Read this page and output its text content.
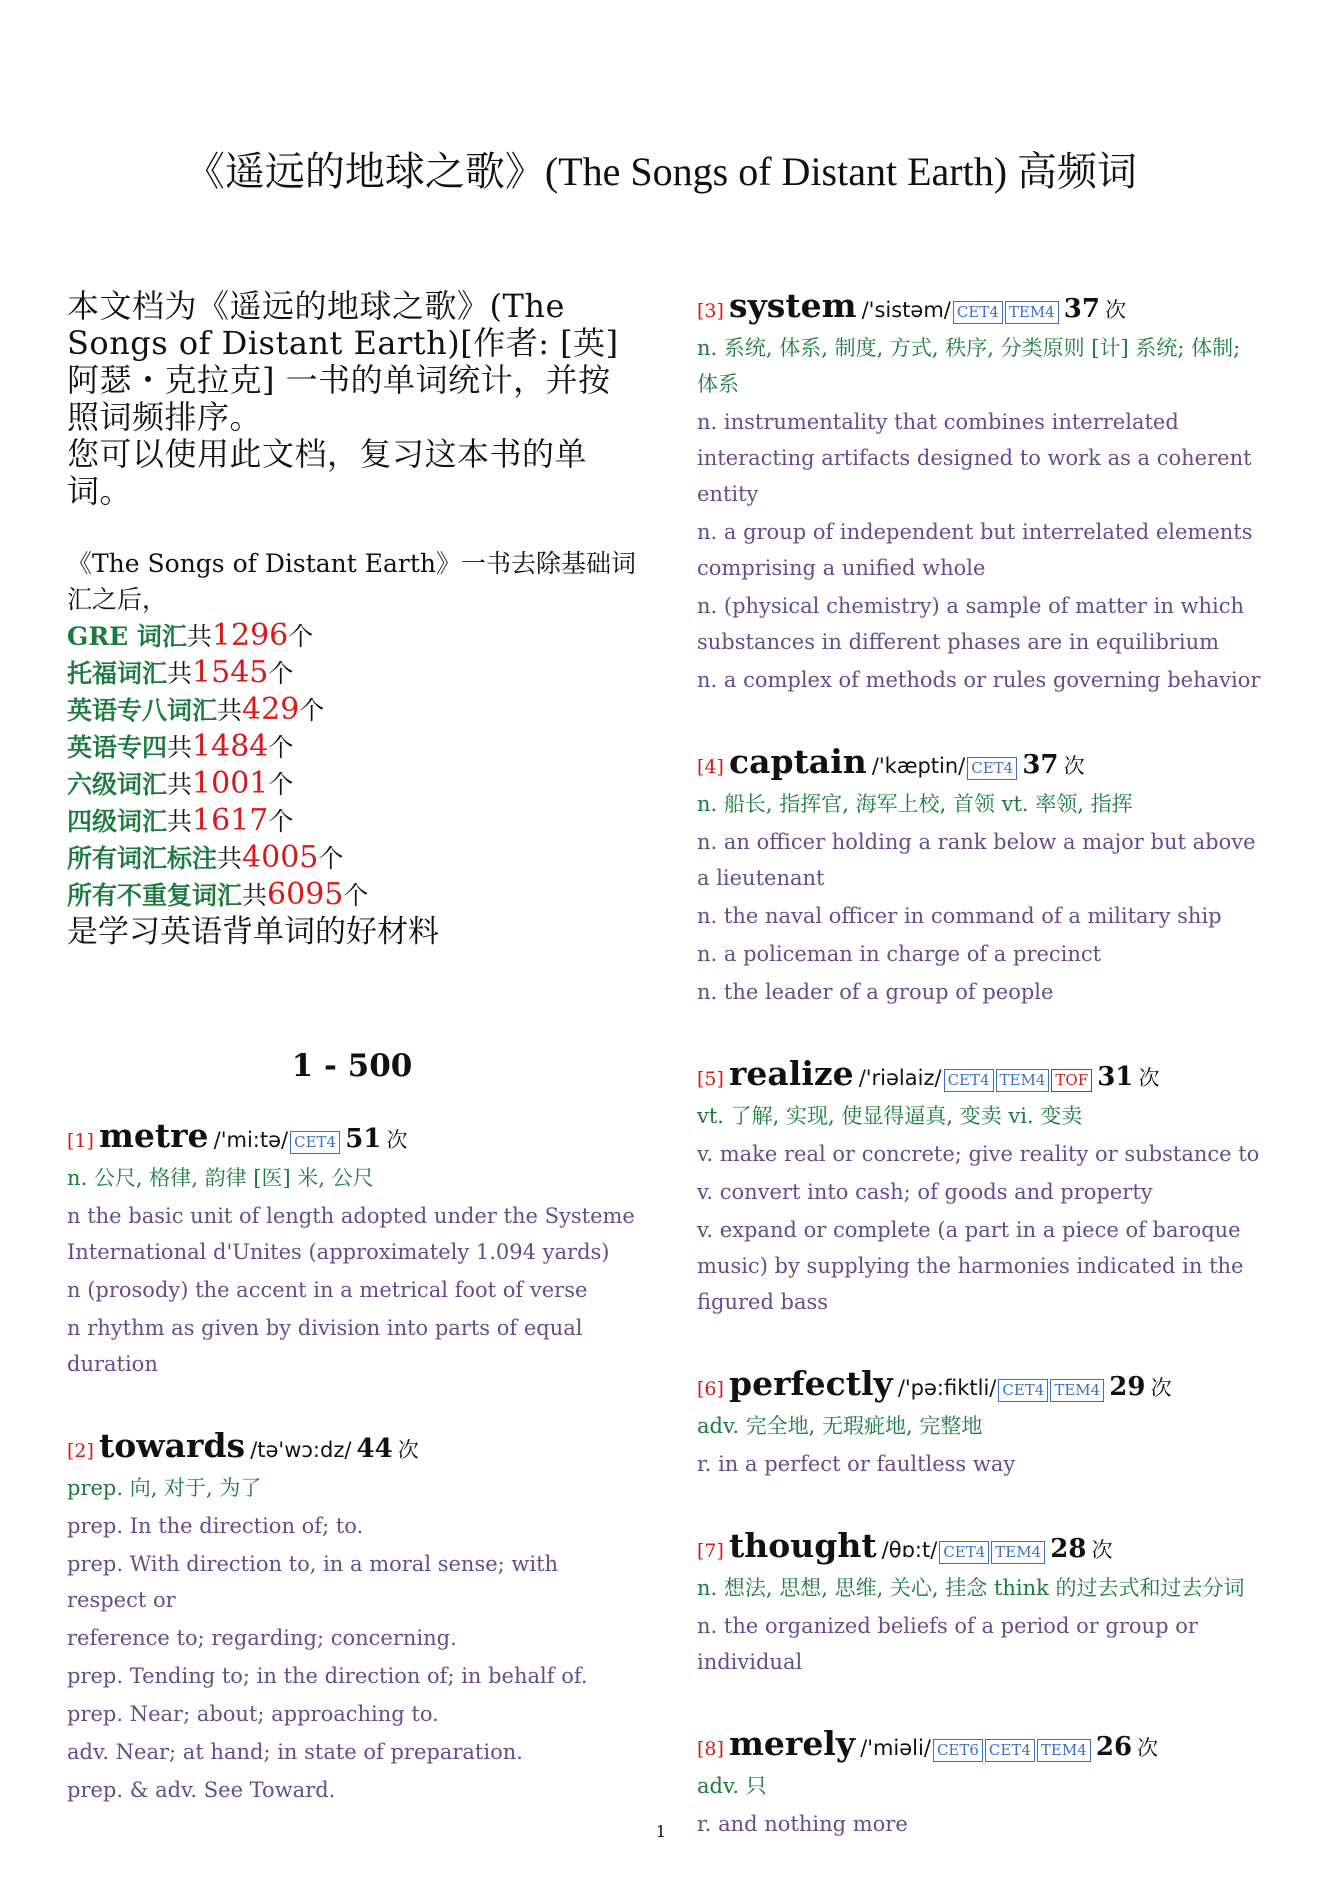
《遥远的地球之歌》(The Songs of Distant Earth) 高频词

本文档为《遥远的地球之歌》(The Songs of Distant Earth)[作者: [英] 阿瑟・克拉克] 一书的单词统计，并按照词频排序。

您可以使用此文档，复习这本书的单词。

《The Songs of Distant Earth》一书去除基础词汇之后，
GRE 词汇共1296个
托福词汇共1545个
英语专八词汇共429个
英语专四共1484个
六级词汇共1001个
四级词汇共1617个
所有词汇标注共4005个
所有不重复词汇共6095个
是学习英语背单词的好材料
1 - 500
[1] metre /'mi:tə/ CET4 51 次
n. 公尺, 格律, 韵律 [医] 米, 公尺
n the basic unit of length adopted under the Systeme International d'Unites (approximately 1.094 yards)
n (prosody) the accent in a metrical foot of verse
n rhythm as given by division into parts of equal duration
[2] towards /tə'wɔ:dz/ 44 次
prep. 向, 对于, 为了
prep. In the direction of; to.
prep. With direction to, in a moral sense; with respect or
reference to; regarding; concerning.
prep. Tending to; in the direction of; in behalf of.
prep. Near; about; approaching to.
adv. Near; at hand; in state of preparation.
prep. & adv. See Toward.
[3] system /'sistəm/ CET4 TEM4 37 次
n. 系统, 体系, 制度, 方式, 秩序, 分类原则 [计] 系统; 体制; 体系
n. instrumentality that combines interrelated interacting artifacts designed to work as a coherent entity
n. a group of independent but interrelated elements comprising a unified whole
n. (physical chemistry) a sample of matter in which substances in different phases are in equilibrium
n. a complex of methods or rules governing behavior
[4] captain /'kæptin/ CET4 37 次
n. 船长, 指挥官, 海军上校, 首领 vt. 率领, 指挥
n. an officer holding a rank below a major but above a lieutenant
n. the naval officer in command of a military ship
n. a policeman in charge of a precinct
n. the leader of a group of people
[5] realize /'riəlaiz/ CET4 TEM4 TOF 31 次
vt. 了解, 实现, 使显得逼真, 变卖 vi. 变卖
v. make real or concrete; give reality or substance to
v. convert into cash; of goods and property
v. expand or complete (a part in a piece of baroque music) by supplying the harmonies indicated in the figured bass
[6] perfectly /'pə:fiktli/ CET4 TEM4 29 次
adv. 完全地, 无瑕疵地, 完整地
r. in a perfect or faultless way
[7] thought /θɒ:t/ CET4 TEM4 28 次
n. 想法, 思想, 思维, 关心, 挂念 think 的过去式和过去分词
n. the organized beliefs of a period or group or individual
[8] merely /'miəli/ CET6 CET4 TEM4 26 次
adv. 只
r. and nothing more
1
